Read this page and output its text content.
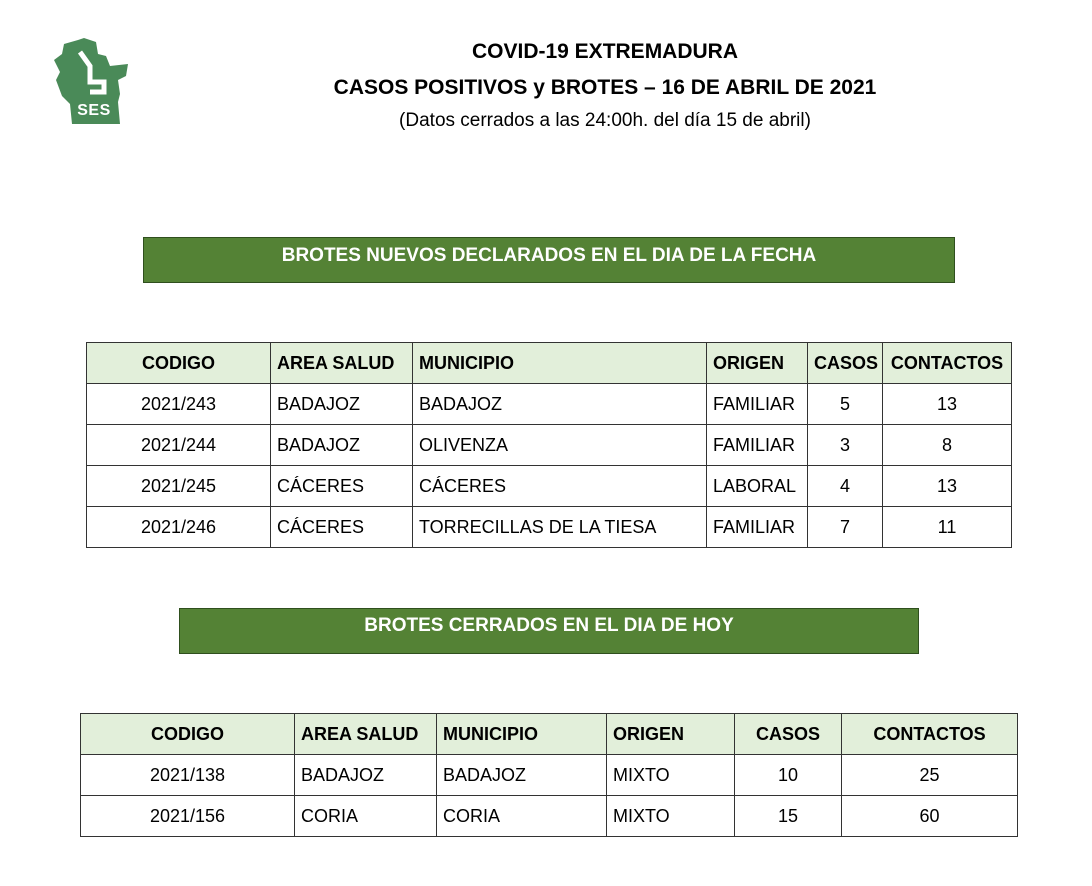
SES
COVID-19 EXTREMADURA
CASOS POSITIVOS y BROTES – 16 DE ABRIL DE 2021
(Datos cerrados a las 24:00h. del día 15 de abril)
BROTES NUEVOS DECLARADOS EN EL DIA DE LA FECHA
CODIGO	AREA SALUD	MUNICIPIO	ORIGEN	CASOS	CONTACTOS
2021/243	BADAJOZ	BADAJOZ	FAMILIAR	5	13
2021/244	BADAJOZ	OLIVENZA	FAMILIAR	3	8
2021/245	CÁCERES	CÁCERES	LABORAL	4	13
2021/246	CÁCERES	TORRECILLAS DE LA TIESA	FAMILIAR	7	11
BROTES CERRADOS EN EL DIA DE HOY
CODIGO	AREA SALUD	MUNICIPIO	ORIGEN	CASOS	CONTACTOS
2021/138	BADAJOZ	BADAJOZ	MIXTO	10	25
2021/156	CORIA	CORIA	MIXTO	15	60
